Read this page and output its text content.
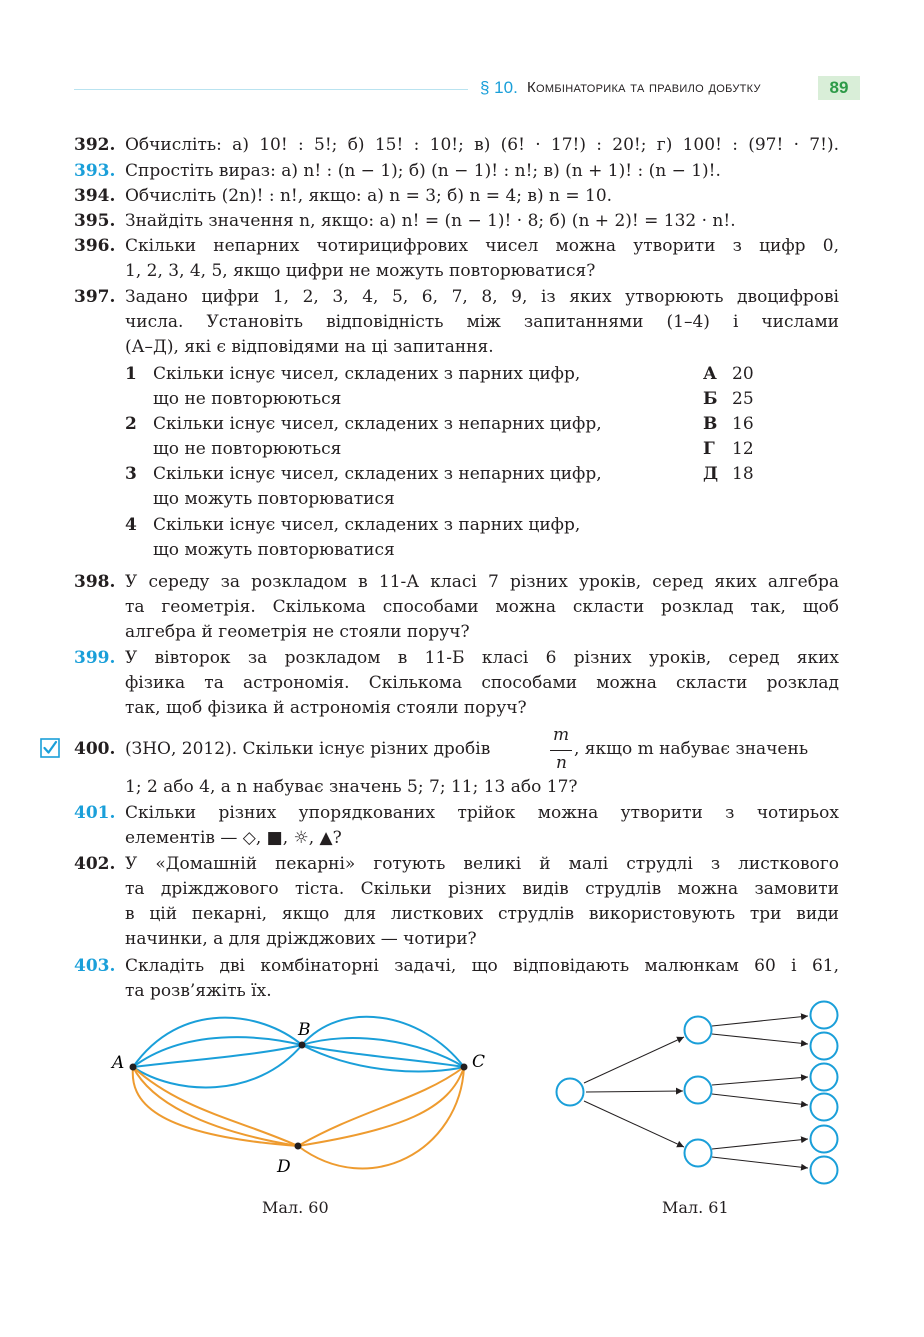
§ 10. Комбінаторика та правило добутку	89
392. Обчисліть: а) 10! : 5!; б) 15! : 10!; в) (6! · 17!) : 20!; г) 100! : (97! · 7!).
393. Спростіть вираз: а) n! : (n − 1); б) (n − 1)! : n!; в) (n + 1)! : (n − 1)!.
394. Обчисліть (2n)! : n!, якщо: а) n = 3; б) n = 4; в) n = 10.
395. Знайдіть значення n, якщо: а) n! = (n − 1)! · 8; б) (n + 2)! = 132 · n!.
396. Скільки непарних чотирицифрових чисел можна утворити з цифр 0,
1, 2, 3, 4, 5, якщо цифри не можуть повторюватися?
397. Задано цифри 1, 2, 3, 4, 5, 6, 7, 8, 9, із яких утворюють двоцифрові
числа. Установіть відповідність між запитаннями (1–4) і числами
(А–Д), які є відповідями на ці запитання.
1 Скільки існує чисел, складених з парних цифр,
що не повторюються
2 Скільки існує чисел, складених з непарних цифр,
що не повторюються
3 Скільки існує чисел, складених з непарних цифр,
що можуть повторюватися
4 Скільки існує чисел, складених з парних цифр,
що можуть повторюватися
А 20
Б 25
В 16
Г 12
Д 18
398. У середу за розкладом в 11-А класі 7 різних уроків, серед яких алгебра
та геометрія. Скількома способами можна скласти розклад так, щоб
алгебра й геометрія не стояли поруч?
399. У вівторок за розкладом в 11-Б класі 6 різних уроків, серед яких
фізика та астрономія. Скількома способами можна скласти розклад
так, щоб фізика й астрономія стояли поруч?
400. (ЗНО, 2012). Скільки існує різних дробів
m
n
, якщо m набуває значень
1; 2 або 4, а n набуває значень 5; 7; 11; 13 або 17?
401. Скільки різних упорядкованих трійок можна утворити з чотирьох
елементів — ◇, ■, ☼, ▲?
402. У «Домашній пекарні» готують великі й малі струдлі з листкового
та дріжджового тіста. Скільки різних видів струдлів можна замовити
в цій пекарні, якщо для листкових струдлів використовують три види
начинки, а для дріжджових — чотири?
403. Складіть дві комбінаторні задачі, що відповідають малюнкам 60 і 61,
та розв’яжіть їх.
A
B
C
D
Мал. 60	Мал. 61
